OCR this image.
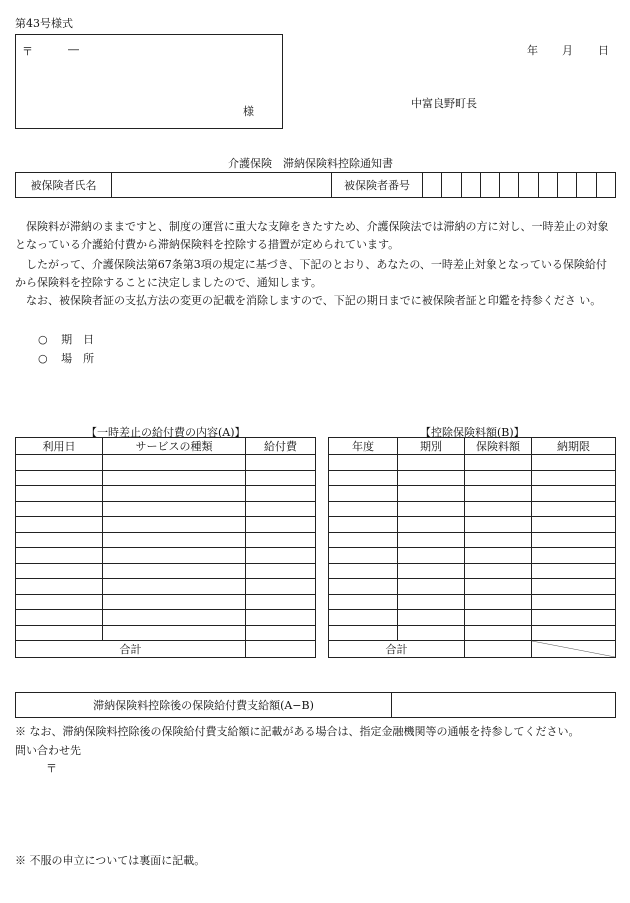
第43号様式
〒	―
様
年 月 日
中富良野町長
介護保険　滞納保険料控除通知書
被保険者氏名		被保険者番号										

保険料が滞納のままですと、制度の運営に重大な支障をきたすため、介護保険法では滞納の方に対し、一時差止の対象となっている介護給付費から滞納保険料を控除する措置が定められています。

したがって、介護保険法第67条第3項の規定に基づき、下記のとおり、あなたの、一時差止対象となっている保険給付から保険料を控除することに決定しましたので、通知します。

なお、被保険者証の支払方法の変更の記載を消除しますので、下記の期日までに被保険者証と印鑑を持参くださ い。

○ 期　日
○ 場　所
【一時差止の給付費の内容(A)】
利用日	サービスの種類	給付費

合計		
【控除保険料額(B)】
年度	期別	保険料額	納期限

合計		
滞納保険料控除後の保険給付費支給額(A−B)	
※ なお、滞納保険料控除後の保険給付費支給額に記載がある場合は、指定金融機関等の通帳を持参してください。
問い合わせ先
〒
※ 不服の申立については裏面に記載。
